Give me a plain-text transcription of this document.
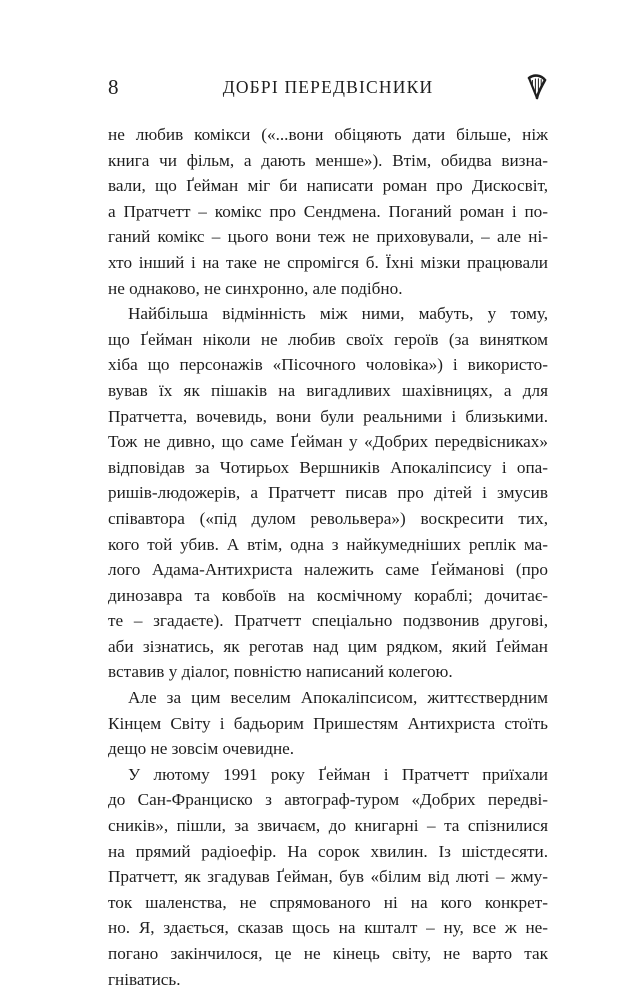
8	ДОБРІ ПЕРЕДВІСНИКИ

не любив комікси («...вони обіцяють дати більше, ніж
книга чи фільм, а дають менше»). Втім, обидва визна-
вали, що Ґейман міг би написати роман про Дискосвіт,
а Пратчетт – комікс про Сендмена. Поганий роман і по-
ганий комікс – цього вони теж не приховували, – але ні-
хто інший і на таке не спромігся б. Їхні мізки працювали
не однаково, не синхронно, але подібно.

Найбільша відмінність між ними, мабуть, у тому,
що Ґейман ніколи не любив своїх героїв (за винятком
хіба що персонажів «Пісочного чоловіка») і використо-
вував їх як пішаків на вигадливих шахівницях, а для
Пратчетта, вочевидь, вони були реальними і близькими.
Тож не дивно, що саме Ґейман у «Добрих передвісниках»
відповідав за Чотирьох Вершників Апокаліпсису і опа-
ришів-людожерів, а Пратчетт писав про дітей і змусив
співавтора («під дулом револьвера») воскресити тих,
кого той убив. А втім, одна з найкумедніших реплік ма-
лого Адама-Антихриста належить саме Ґейманові (про
динозавра та ковбоїв на космічному кораблі; дочитає-
те – згадаєте). Пратчетт спеціально подзвонив другові,
аби зізнатись, як реготав над цим рядком, який Ґейман
вставив у діалог, повністю написаний колегою.

Але за цим веселим Апокаліпсисом, життєствердним
Кінцем Світу і бадьорим Пришестям Антихриста стоїть
дещо не зовсім очевидне.

У лютому 1991 року Ґейман і Пратчетт приїхали
до Сан-Франциско з автограф-туром «Добрих передві-
сників», пішли, за звичаєм, до книгарні – та спізнилися
на прямий радіоефір. На сорок хвилин. Із шістдесяти.
Пратчетт, як згадував Ґейман, був «білим від люті – жму-
ток шаленства, не спрямованого ні на кого конкрет-
но. Я, здається, сказав щось на кшталт – ну, все ж не-
погано закінчилося, це не кінець світу, не варто так
гніватись.
